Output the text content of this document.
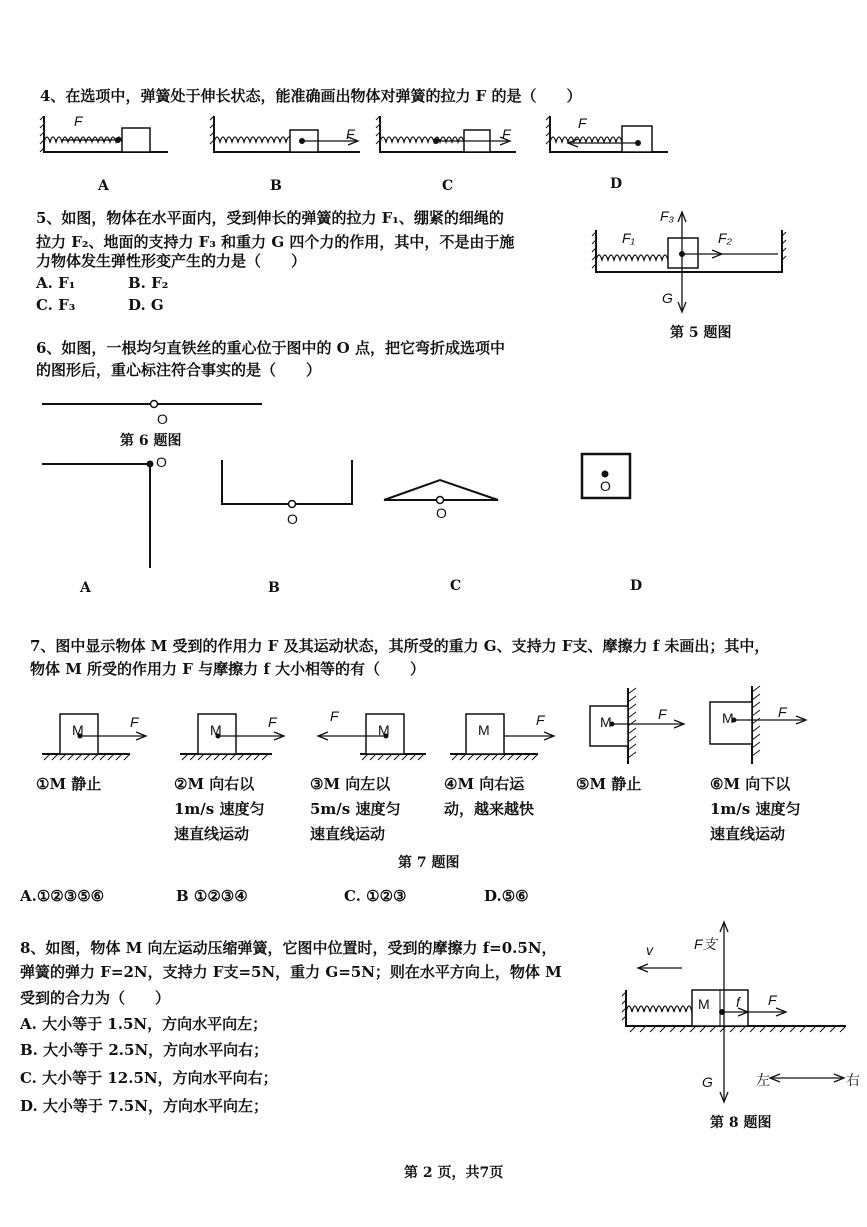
4、在选项中，弹簧处于伸长状态，能准确画出物体对弹簧的拉力 F 的是（　　）
F
F	F
F
A	B	C	D
5、如图，物体在水平面内，受到伸长的弹簧的拉力 F₁、绷紧的细绳的
拉力 F₂、地面的支持力 F₃ 和重力 G 四个力的作用，其中，不是由于施
力物体发生弹性形变产生的力是（　　）
A. F₁	B. F₂
C. F₃	D. G
F₃
F₁	F₂
G
第 5 题图
6、如图，一根均匀直铁丝的重心位于图中的 O 点，把它弯折成选项中
的图形后，重心标注符合事实的是（　　）
O
第 6 题图
O
O	O
O
A	B	C	D
7、图中显示物体 M 受到的作用力 F 及其运动状态，其所受的重力 G、支持力 F支、摩擦力 f 未画出；其中，
物体 M 所受的作用力 F 与摩擦力 f 大小相等的有（　　）
M	F	M	F	M
F
M
F	M	F	M	F
①M 静止	②M 向右以
1m/s 速度匀
速直线运动
③M 向左以
5m/s 速度匀
速直线运动
④M 向右运
动，越来越快
⑤M 静止	⑥M 向下以
1m/s 速度匀
速直线运动
第 7 题图
A.①②③⑤⑥	B ①②③④	C. ①②③	D.⑤⑥
8、如图，物体 M 向左运动压缩弹簧，它图中位置时，受到的摩擦力 f=0.5N，
弹簧的弹力 F=2N，支持力 F支=5N，重力 G=5N；则在水平方向上，物体 M
受到的合力为（　　）
A. 大小等于 1.5N，方向水平向左；
B. 大小等于 2.5N，方向水平向右；
C. 大小等于 12.5N，方向水平向右；
D. 大小等于 7.5N，方向水平向左；
v	F支
M f F
G	左	右
第 8 题图
第 2 页，共7页
